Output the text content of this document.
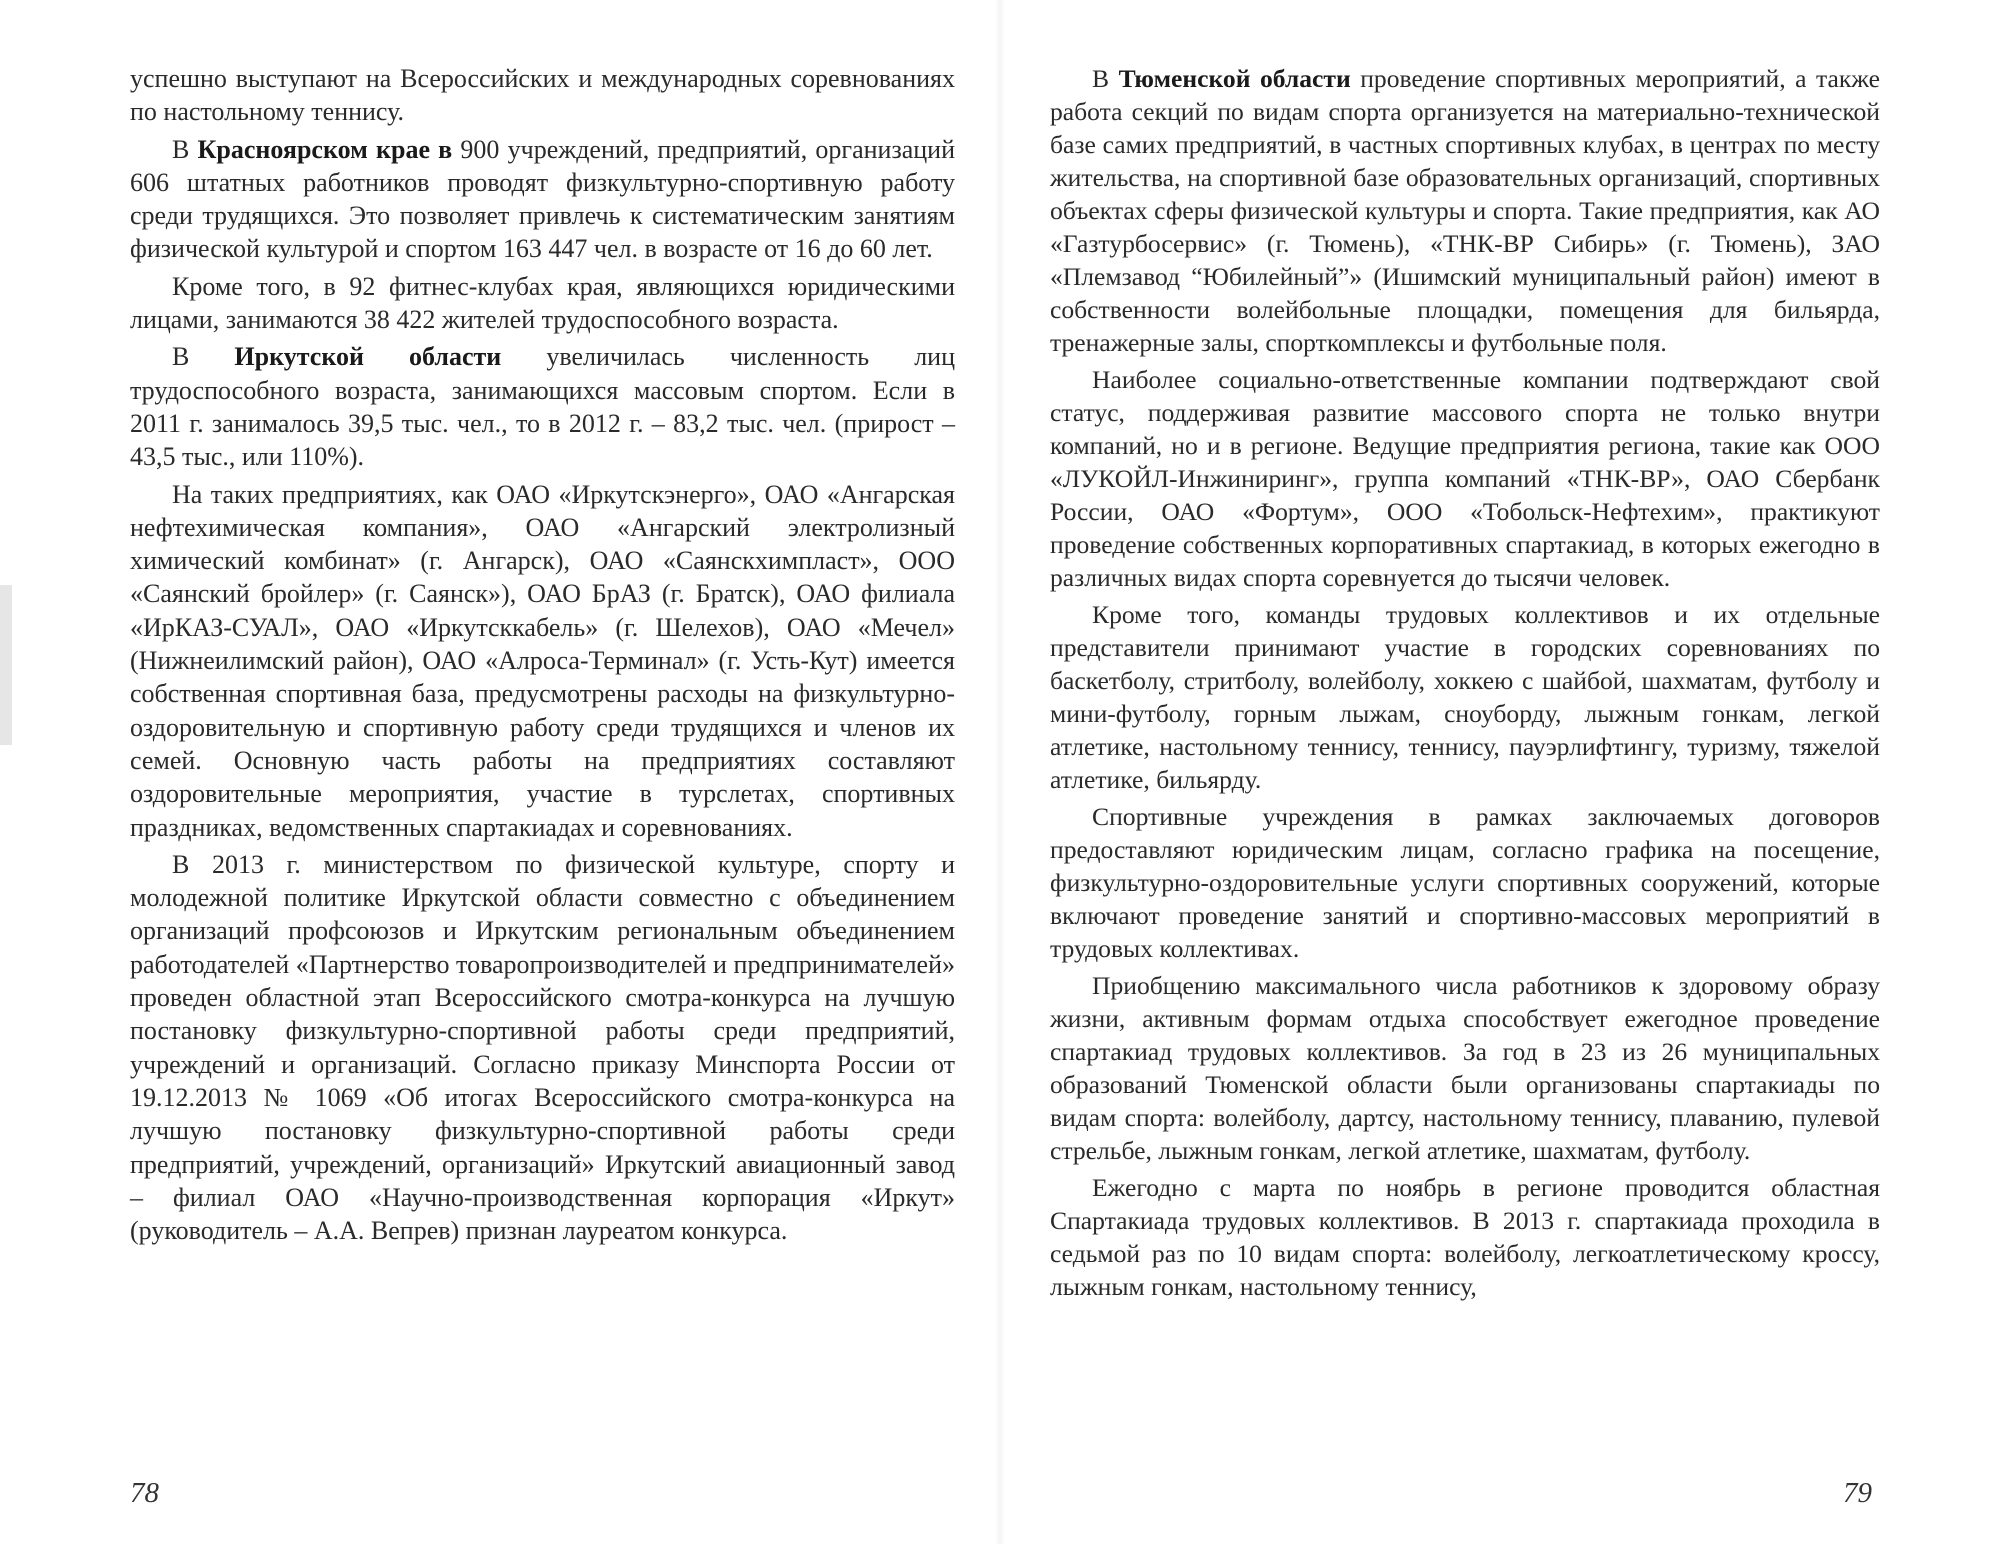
успешно выступают на Всероссийских и международных соревнованиях по настольному теннису.

В Красноярском крае в 900 учреждений, предприятий, организаций 606 штатных работников проводят физкультурно-спортивную работу среди трудящихся. Это позволяет привлечь к систематическим занятиям физической культурой и спортом 163 447 чел. в возрасте от 16 до 60 лет.

Кроме того, в 92 фитнес-клубах края, являющихся юридическими лицами, занимаются 38 422 жителей трудоспособного возраста.

В Иркутской области увеличилась численность лиц трудоспособного возраста, занимающихся массовым спортом. Если в 2011 г. занималось 39,5 тыс. чел., то в 2012 г. – 83,2 тыс. чел. (прирост – 43,5 тыс., или 110%).

На таких предприятиях, как ОАО «Иркутскэнерго», ОАО «Ангарская нефтехимическая компания», ОАО «Ангарский электролизный химический комбинат» (г. Ангарск), ОАО «Саянскхимпласт», ООО «Саянский бройлер» (г. Саянск»), ОАО БрАЗ (г. Братск), ОАО филиала «ИрКАЗ-СУАЛ», ОАО «Иркутсккабель» (г. Шелехов), ОАО «Мечел» (Нижнеилимский район), ОАО «Алроса-Терминал» (г. Усть-Кут) имеется собственная спортивная база, предусмотрены расходы на физкультурно-оздоровительную и спортивную работу среди трудящихся и членов их семей. Основную часть работы на предприятиях составляют оздоровительные мероприятия, участие в турслетах, спортивных праздниках, ведомственных спартакиадах и соревнованиях.

В 2013 г. министерством по физической культуре, спорту и молодежной политике Иркутской области совместно с объединением организаций профсоюзов и Иркутским региональным объединением работодателей «Партнерство товаропроизводителей и предпринимателей» проведен областной этап Всероссийского смотра-конкурса на лучшую постановку физкультурно-спортивной работы среди предприятий, учреждений и организаций. Согласно приказу Минспорта России от 19.12.2013 № 1069 «Об итогах Всероссийского смотра-конкурса на лучшую постановку физкультурно-спортивной работы среди предприятий, учреждений, организаций» Иркутский авиационный завод – филиал ОАО «Научно-производственная корпорация «Иркут» (руководитель – А.А. Вепрев) признан лауреатом конкурса.

78

В Тюменской области проведение спортивных мероприятий, а также работа секций по видам спорта организуется на материально-технической базе самих предприятий, в частных спортивных клубах, в центрах по месту жительства, на спортивной базе образовательных организаций, спортивных объектах сферы физической культуры и спорта. Такие предприятия, как АО «Газтурбосервис» (г. Тюмень), «ТНК-ВР Сибирь» (г. Тюмень), ЗАО «Племзавод “Юбилейный”» (Ишимский муниципальный район) имеют в собственности волейбольные площадки, помещения для бильярда, тренажерные залы, спорткомплексы и футбольные поля.

Наиболее социально-ответственные компании подтверждают свой статус, поддерживая развитие массового спорта не только внутри компаний, но и в регионе. Ведущие предприятия региона, такие как ООО «ЛУКОЙЛ-Инжиниринг», группа компаний «ТНК-ВР», ОАО Сбербанк России, ОАО «Фортум», ООО «Тобольск-Нефтехим», практикуют проведение собственных корпоративных спартакиад, в которых ежегодно в различных видах спорта соревнуется до тысячи человек.

Кроме того, команды трудовых коллективов и их отдельные представители принимают участие в городских соревнованиях по баскетболу, стритболу, волейболу, хоккею с шайбой, шахматам, футболу и мини-футболу, горным лыжам, сноуборду, лыжным гонкам, легкой атлетике, настольному теннису, теннису, пауэрлифтингу, туризму, тяжелой атлетике, бильярду.

Спортивные учреждения в рамках заключаемых договоров предоставляют юридическим лицам, согласно графика на посещение, физкультурно-оздоровительные услуги спортивных сооружений, которые включают проведение занятий и спортивно-массовых мероприятий в трудовых коллективах.

Приобщению максимального числа работников к здоровому образу жизни, активным формам отдыха способствует ежегодное проведение спартакиад трудовых коллективов. За год в 23 из 26 муниципальных образований Тюменской области были организованы спартакиады по видам спорта: волейболу, дартсу, настольному теннису, плаванию, пулевой стрельбе, лыжным гонкам, легкой атлетике, шахматам, футболу.

Ежегодно с марта по ноябрь в регионе проводится областная Спартакиада трудовых коллективов. В 2013 г. спартакиада проходила в седьмой раз по 10 видам спорта: волейболу, легкоатлетическому кроссу, лыжным гонкам, настольному теннису,

79
